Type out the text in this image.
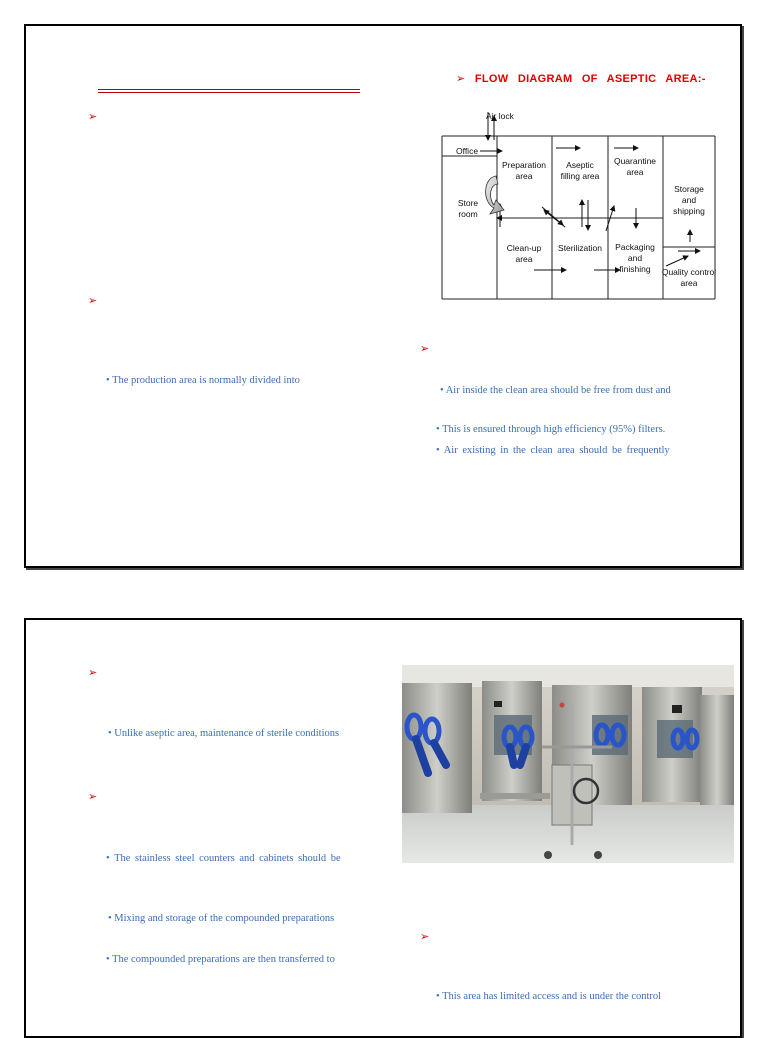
➢
➢
• The production area is normally divided into
➢ FLOW DIAGRAM OF ASEPTIC AREA:-
Air lock
Office
Preparation
area
Aseptic
filling area
Quarantine
area
Storage
and
shipping
Store
room
Clean-up
area
Sterilization Packaging
and
finishing Quality control
area
➢
• Air inside the clean area should be free from dust and
• This is ensured through high efficiency (95%) filters.
• Air existing in the clean area should be frequently
➢
• Unlike aseptic area, maintenance of sterile conditions
➢
• The stainless steel counters and cabinets should be
• Mixing and storage of the compounded preparations
• The compounded preparations are then transferred to
➢
• This area has limited access and is under the control
